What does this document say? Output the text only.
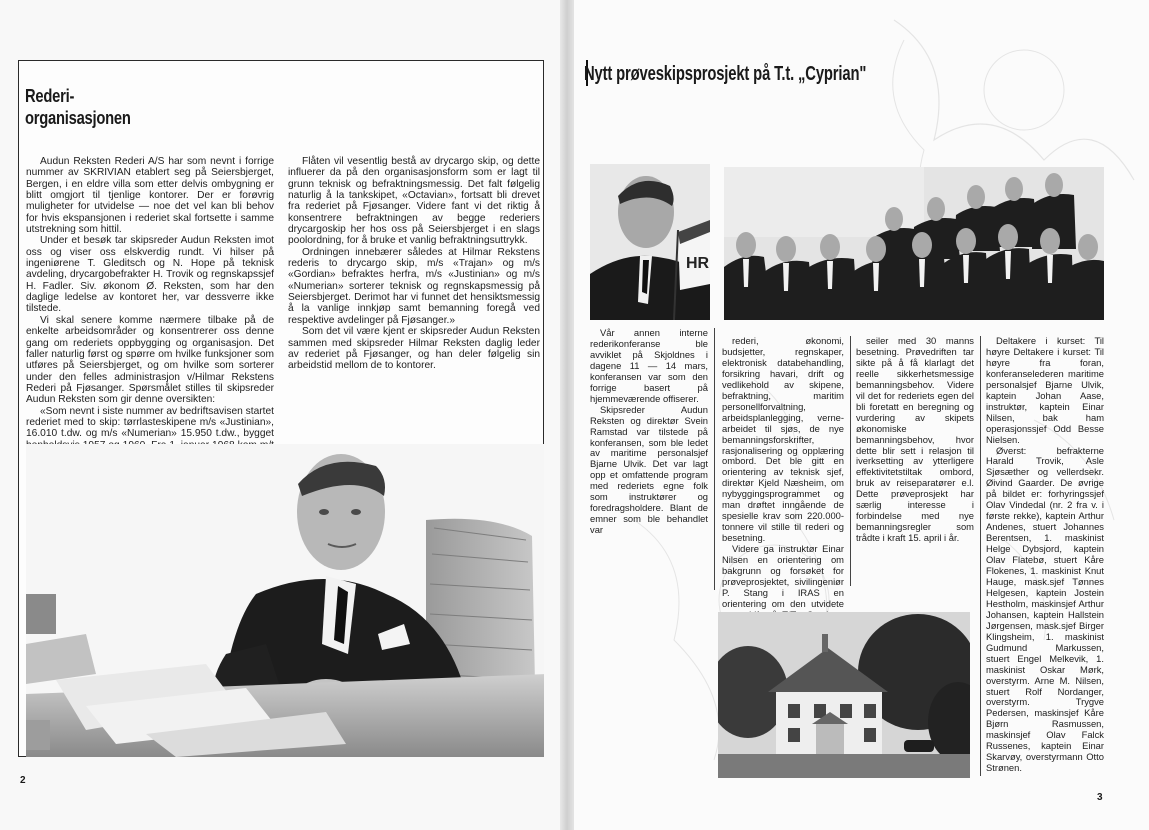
Rederi-
organisasjonen

Audun Reksten Rederi A/S har som nevnt i forrige nummer av SKRIVIAN etablert seg på Seiersbjerget, Bergen, i en eldre villa som etter delvis ombygning er blitt omgjort til tjenlige kontorer. Der er forøvrig muligheter for utvidelse — noe det vel kan bli behov for hvis ekspansjonen i rederiet skal fortsette i samme utstrekning som hittil.

Under et besøk tar skipsreder Audun Reksten imot oss og viser oss elskverdig rundt. Vi hilser på ingeniørene T. Gleditsch og N. Hope på teknisk avdeling, drycargobefrakter H. Trovik og regnskapssjef H. Fadler. Siv. økonom Ø. Reksten, som har den daglige ledelse av kontoret her, var dessverre ikke tilstede.

Vi skal senere komme nærmere tilbake på de enkelte arbeidsområder og konsentrerer oss denne gang om rederiets oppbygging og organisasjon. Det faller naturlig først og spørre om hvilke funksjoner som utføres på Seiersbjerget, og om hvilke som sorterer under den felles administrasjon v/Hilmar Rekstens Rederi på Fjøsanger. Spørsmålet stilles til skipsreder Audun Reksten som gir denne oversikten:

«Som nevnt i siste nummer av bedriftsavisen startet rederiet med to skip: tørrlasteskipene m/s «Justinian», 16.010 t.dw. og m/s «Numerian» 15.950 t.dw., bygget

Flåten vil vesentlig bestå av drycargo skip, og dette influerer da på den organisasjonsform som er lagt til grunn teknisk og befraktningsmessig. Det falt følgelig naturlig å la tankskipet, «Octavian», fortsatt bli drevet fra rederiet på Fjøsanger. Videre fant vi det riktig å konsentrere befraktningen av begge rederiers drycargoskip her hos oss på Seiersbjerget i en slags poolordning, for å bruke et vanlig befraktningsuttrykk.

Ordningen innebærer således at Hilmar Rekstens rederis to drycargo skip, m/s «Trajan» og m/s «Gordian» befraktes herfra, m/s «Justinian» og m/s «Numerian» sorterer teknisk og regnskapsmessig på Seiersbjerget. Derimot har vi funnet det hensiktsmessig å la vanlige innkjøp samt bemanning foregå ved respektive avdelinger på Fjøsanger.»

Som det vil være kjent er skipsreder Audun Reksten sammen med skipsreder Hilmar Reksten daglig leder av rederiet på Fjøsanger, og han deler følgelig sin arbeidstid mellom de to kontorer.

2
Nytt prøveskipsprosjekt på T.t. „Cyprian"
HR

Vår annen interne rederikonferanse ble avviklet på Skjoldnes i dagene 11 — 14 mars, konferansen var som den forrige basert på hjemmeværende offiserer.

Skipsreder Audun Reksten og direktør Svein Ramstad var tilstede på konferansen, som ble ledet av maritime personalsjef Bjarne Ulvik. Det var lagt opp et omfattende program med rederiets egne folk som instruktører og foredragsholdere. Blant de emner som ble behandlet var

rederi, økonomi, budsjetter, regnskaper, elektronisk databehandling, forsikring havari, drift og vedlikehold av skipene, befraktning, maritim personellforvaltning, arbeidsplanlegging, verne-arbeidet til sjøs, de nye bemanningsforskrifter, rasjonalisering og opplæring ombord. Det ble gitt en orientering av teknisk sjef, direktør Kjeld Næsheim, om nybyggingsprogrammet og man drøftet inngående de spesielle krav som 220.000-tonnere vil stille til rederi og besetning.

Videre ga instruktør Einar Nilsen en orientering om bakgrunn og forsøket for prøveprosjektet, sivilingeniør P. Stang i IRAS en orientering om den utvidete

seiler med 30 manns besetning. Prøvedriften tar sikte på å få klarlagt det reelle sikkerhetsmessige bemanningsbehov. Videre vil det for rederiets egen del bli foretatt en beregning og vurdering av skipets økonomiske bemanningsbehov, hvor dette blir sett i relasjon til iverksetting av ytterligere effektivitetstiltak ombord, bruk av reiseparatører e.l. Dette prøveprosjekt har særlig interesse i forbindelse med nye bemanningsregler som trådte i kraft 15. april i år.

Deltakere i kurset: Til høyre Deltakere i kurset: Til høyre fra foran, konferanselederen maritime personalsjef Bjarne Ulvik, kaptein Johan Aase, instruktør, kaptein Einar Nilsen, bak ham operasjonssjef Odd Besse Nielsen.

Øverst: befrakterne Harald Trovik, Asle Sjøsæther og vellerdsekr. Øivind Gaarder. De øvrige på bildet er: forhyringssjef Olav Vindedal (nr. 2 fra v. i første rekke), kaptein Arthur Andenes, stuert Johannes Berentsen, 1. maskinist Helge Dybsjord, kaptein Olav Flatebø, stuert Kåre Flokenes, 1. maskinist Knut Hauge, mask.sjef Tønnes Helgesen, kaptein Jostein Hestholm, maskinsjef Arthur Johansen, kaptein Hallstein Jørgensen, mask.sjef Birger Klingsheim, 1. maskinist Gudmund Markussen, stuert Engel Melkevik, 1. maskinist Oskar Mørk, overstyrm. Arne M. Nilsen, stuert Rolf Nordanger, overstyrm. Trygve Pedersen, maskinsjef Kåre Bjørn Rasmussen, maskinsjef Olav Falck Russenes, kaptein Einar Skarvøy, overstyrmann Otto Strønen.

3
